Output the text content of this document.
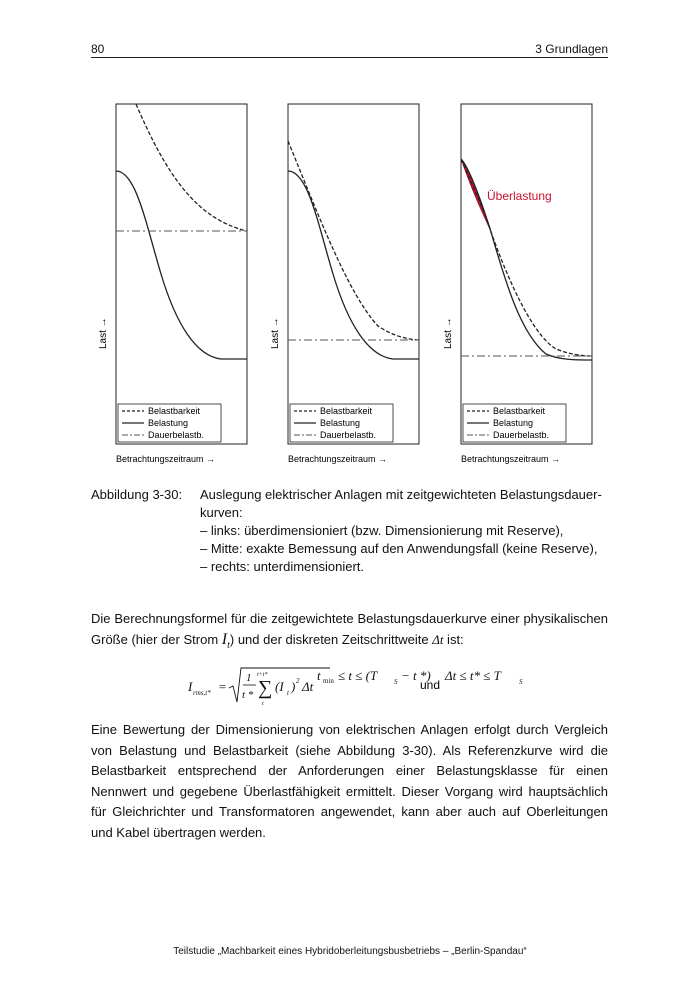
80	3 Grundlagen
Belastbarkeit
Belastung
Dauerbelastb.
Last →
Betrachtungszeitraum →
Belastbarkeit
Belastung
Dauerbelastb.
Last →
Betrachtungszeitraum →
Überlastung
Belastbarkeit
Belastung
Dauerbelastb.
Last →
Betrachtungszeitraum →
Abbildung 3-30: Auslegung elektrischer Anlagen mit zeitgewichteten Belastungsdauer-
kurven:
– links: überdimensioniert (bzw. Dimensionierung mit Reserve),
– Mitte: exakte Bemessung auf den Anwendungsfall (keine Reserve),
– rechts: unterdimensioniert.
Die Berechnungsformel für die zeitgewichtete Belastungsdauerkurve einer physikalischen Größe (hier der Strom $I_t$) und der diskreten Zeitschrittweite Δt ist:
I rms,t* =
1
t * ∑
t+t*
t
(I t ) 2 Δt
t min ≤ t ≤ (T S − t *) Δt ≤ t* ≤ T	S
und
Eine Bewertung der Dimensionierung von elektrischen Anlagen erfolgt durch Vergleich von Belastung und Belastbarkeit (siehe Abbildung 3-30). Als Referenzkurve wird die Belastbarkeit entsprechend der Anforderungen einer Belastungsklasse für einen Nennwert und gegebene Überlastfähigkeit ermittelt. Dieser Vorgang wird hauptsächlich für Gleichrichter und Transformatoren angewendet, kann aber auch auf Oberleitungen und Kabel übertragen werden.
Teilstudie „Machbarkeit eines Hybridoberleitungsbusbetriebs – „Berlin-Spandau“
